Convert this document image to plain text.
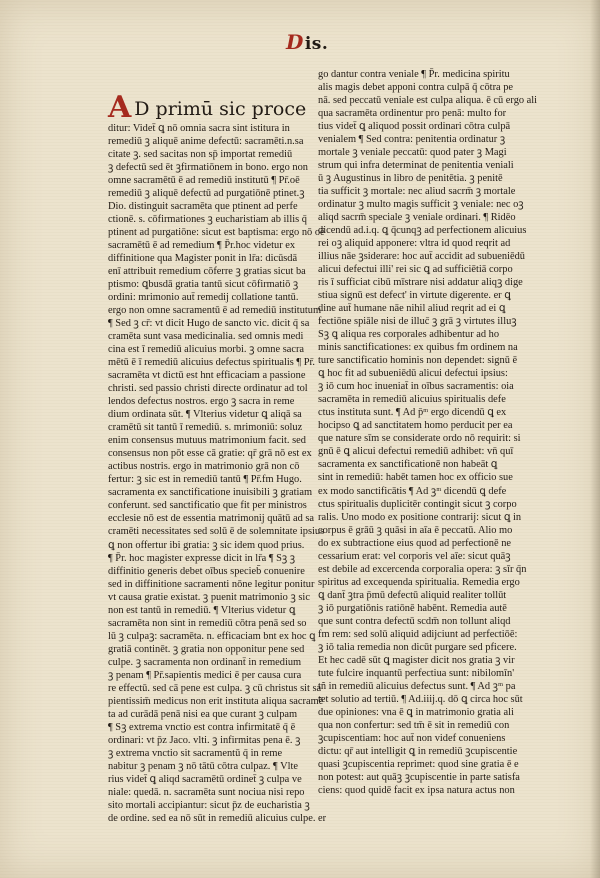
Dis.
A D primū sic proce
ditur: Videt̄ ꝗ nō omnia sacra sint istitura in
remediū ꝫ aliquē anime defectū: sacramēti.n.sa
citate ꝫ. sed sacitas non sp̄ importat remediū
ꝫ defectū sed ēt ꝫfirmatiōnem in bono. ergo non
omne sacramētū ē ad remediū institutū ¶ Pr̄.oē
remediū ꝫ aliquē defectū ad purgatiōnē ptinet.ꝫ
Dio. distinguit sacramēta que ptinent ad perfe
ctionē. s. cōfirmationes ꝫ eucharistiam ab illis q̄
ptinent ad purgatiōne: sicut est baptisma: ergo nō oē
sacramētū ē ad remedium ¶ P̄r.hoc videtur ex
diffinitione qua Magister ponit in lr̄a: dicūsdā
enī attribuit remedium cōferre ꝫ gratias sicut ba
ptismo: ꝗbusdā gratia tantū sicut cōfirmatiō ꝫ
ordini: mrimonio aut̄ remedij collatione tantū.
ergo non omne sacramentū ē ad remediū institutum
¶ Sed ꝫ cr̄: vt dicit Hugo de sancto vic. dicit q̄ sa
cramēta sunt vasa medicinalia. sed omnis medi
cina est ī remediū alicuius morbi. ꝫ omne sacra
mētū ē ī remediū alicuius defectus spiritualis ¶ Pr̄.
sacramēta vt dictū est hnt efficaciam a passione
christi. sed passio christi directe ordinatur ad tol
lendos defectus nostros. ergo ꝫ sacra in reme
dium ordinata sūt. ¶ Vlterius videtur ꝗ aliqā sa
cramētū sit tantū ī remediū. s. mrimoniū: soluz
enim consensus mutuus matrimonium facit. sed
consensus non pōt esse cā gratie: qr̄ grā nō est ex
actibus nostris. ergo in matrimonio grā non cō
fertur: ꝫ sic est in remediū tantū ¶ Pr̄.fm Hugo.
sacramenta ex sanctificatione inuisibili ꝫ gratiam
conferunt. sed sanctificatio que fit per ministros
ecclesie nō est de essentia matrimonij quātū ad sa
cramēti necessitates sed solū ē de solemnitate ipsius
ꝗ non offertur ibi gratia: ꝫ sic idem quod prius.
¶ P̄r. hoc magister expresse dicit in lr̄a ¶ Sꝫ ꝫ
diffinitio generis debet oībus specieb̄ conuenire
sed in diffinitione sacramenti nōne legitur ponitur
vt causa gratie existat. ꝫ puenit matrimonio ꝫ sic
non est tantū in remediū. ¶ Vlterius videtur ꝗ
sacramēta non sint in remediū cōtra penā sed so
lū ꝫ culpaꝫ: sacramēta. n. efficaciam bnt ex hoc ꝗ
gratiā continēt. ꝫ gratia non opponitur pene sed
culpe. ꝫ sacramenta non ordinant̄ in remedium
ꝫ penam ¶ Pr̄.sapientis medici ē per causa cura
re effectū. sed cā pene est culpa. ꝫ cū christus sit sa
pientissim̄ medicus non erit instituta aliqua sacramē
ta ad curādā penā nisi ea que curant ꝫ culpam
¶ Sꝫ extrema vnctio est contra infirmitatē q̄ ē
ordinari: vt p̄z Jaco. vlti. ꝫ infirmitas pena ē. ꝫ
ꝫ extrema vnctio sit sacramentū q̄ in reme
nabitur ꝫ penam ꝫ nō tātū cōtra culpaz. ¶ Vlte
rius videt̄ ꝗ aliqd sacramētū ordinet̄ ꝫ culpa ve
niale: quedā. n. sacramēta sunt nociua nisi repo
sito mortali accipiantur: sicut p̄z de eucharistia ꝫ
de ordine. sed ea nō sūt in remediū alicuius culpe. er
go dantur contra veniale ¶ P̄r. medicina spiritu
alis magis debet apponi contra culpā q̄ cōtra pe
nā. sed peccatū veniale est culpa aliqua. ē cū ergo ali
qua sacramēta ordinentur pro penā: multo for
tius videt̄ ꝗ aliquod possit ordinari cōtra culpā
venialem ¶ Sed contra: penitentia ordinatur ꝫ
mortale ꝫ veniale peccatū: quod pater ꝫ Magi
strum qui infra determinat de penitentia veniali
ū ꝫ Augustinus in libro de penitētia. ꝫ penitē
tia sufficit ꝫ mortale: nec aliud sacrm̄ ꝫ mortale
ordinatur ꝫ multo magis sufficit ꝫ veniale: nec oꝫ
aliqd sacrm̄ speciale ꝫ veniale ordinari. ¶ Ridēo
dicendū ad.i.q. ꝗ q̄cunqꝫ ad perfectionem alicuius
rei oꝫ aliquid apponere: vltra id quod reqrit ad
illius nāe ꝫsiderare: hoc aut̄ accidit ad subueniēdū
alicui defectui illi' rei sic ꝗ ad sufficiētiā corpo
ris ī sufficiat cibū mīstrare nisi addatur aliqꝫ dige
stiua signū est defect' in virtute digerente. er ꝗ
dine aut̄ humane nāe nihil aliud reqrit ad ei ꝗ
fectiōne spiāle nisi de illuc̄ ꝫ grā ꝫ virtutes illuꝫ
Sꝫ ꝗ aliqua res corporales adhibentur ad ho
minis sanctificationes: ex quibus fm ordinem na
ture sanctificatio hominis non dependet: signū ē
ꝗ hoc fit ad subueniēdū alicui defectui ipsius:
ꝫ iō cum hoc inueniat̄ in oībus sacramentis: oia
sacramēta in remediū alicuius spiritualis defe
ctus instituta sunt. ¶ Ad p̄ᵐ ergo dicendū ꝗ ex
hocipso ꝗ ad sanctitatem homo perducit per ea
que nature sīm se considerate ordo nō requirit: si
gnū ē ꝗ alicui defectui remediū adhibet: vn̄ quī
sacramenta ex sanctificationē non habeāt ꝗ
sint in remediū: habēt tamen hoc ex officio sue
ex modo sanctificātis ¶ Ad ꝫᵐ dicendū ꝗ defe
ctus spiritualis duplicitēr contingit sicut ꝫ corpo
ralis. Uno modo ex positione contrarij: sicut ꝗ in
corpus ē grāū ꝫ quāsi in aīa ē peccatū. Alio mo
do ex subtractione eius quod ad perfectionē ne
cessarium erat: vel corporis vel aīe: sicut quāꝫ
est debile ad excercenda corporalia opera: ꝫ sīr q̄n
spiritus ad excequenda spiritualia. Remedia ergo
ꝗ dant̄ ꝫtra p̄mū defectū aliquid realiter tollūt
ꝫ iō purgatiōnis ratiōnē habēnt. Remedia autē
que sunt contra defectū scdm̄ non tollunt aliqd
fm rem: sed solū aliquid adijciunt ad perfectiōē:
ꝫ iō talia remedia non dicūt purgare sed pficere.
Et hec cadē sūt ꝗ magister dicit nos gratia ꝫ vir
tute fulcire inquantū perfectiua sunt: nibilomīn'
tñ in remediū alicuius defectus sunt. ¶ Ad ꝫᵐ pa
tet solutio ad tertiū. ¶ Ad.iiij.q. dō ꝗ circa hoc sūt
due opiniones: vna ē ꝗ in matrimonio gratia ali
qua non confertur: sed tm̄ ē sit in remediū con
ꝫcupiscentiam: hoc aut̄ non videf conueniens
dictu: qr̄ aut intelligit ꝗ in remediū ꝫcupiscentie
quasi ꝫcupiscentia reprimet: quod sine gratia ē e
non potest: aut quāꝫ ꝫcupiscentie in parte satisfa
ciens: quod quidē facit ex ipsa natura actus non
